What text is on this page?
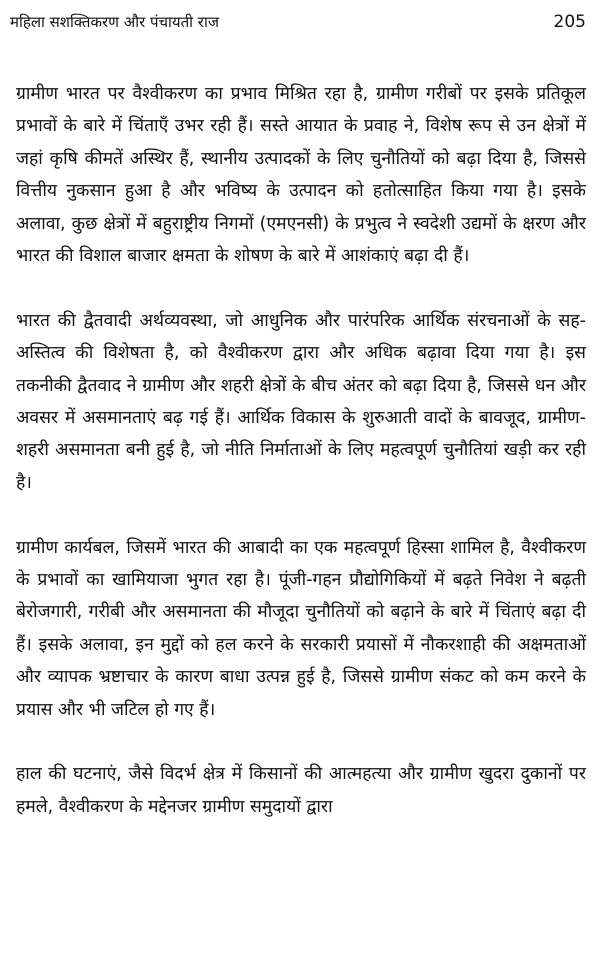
महिला सशक्तिकरण और पंचायती राज	205

ग्रामीण भारत पर वैश्वीकरण का प्रभाव मिश्रित रहा है, ग्रामीण गरीबों पर इसके प्रतिकूल प्रभावों के बारे में चिंताएँ उभर रही हैं। सस्ते आयात के प्रवाह ने, विशेष रूप से उन क्षेत्रों में जहां कृषि कीमतें अस्थिर हैं, स्थानीय उत्पादकों के लिए चुनौतियों को बढ़ा दिया है, जिससे वित्तीय नुकसान हुआ है और भविष्य के उत्पादन को हतोत्साहित किया गया है। इसके अलावा, कुछ क्षेत्रों में बहुराष्ट्रीय निगमों (एमएनसी) के प्रभुत्व ने स्वदेशी उद्यमों के क्षरण और भारत की विशाल बाजार क्षमता के शोषण के बारे में आशंकाएं बढ़ा दी हैं।

भारत की द्वैतवादी अर्थव्यवस्था, जो आधुनिक और पारंपरिक आर्थिक संरचनाओं के सह-अस्तित्व की विशेषता है, को वैश्वीकरण द्वारा और अधिक बढ़ावा दिया गया है। इस तकनीकी द्वैतवाद ने ग्रामीण और शहरी क्षेत्रों के बीच अंतर को बढ़ा दिया है, जिससे धन और अवसर में असमानताएं बढ़ गई हैं। आर्थिक विकास के शुरुआती वादों के बावजूद, ग्रामीण-शहरी असमानता बनी हुई है, जो नीति निर्माताओं के लिए महत्वपूर्ण चुनौतियां खड़ी कर रही है।

ग्रामीण कार्यबल, जिसमें भारत की आबादी का एक महत्वपूर्ण हिस्सा शामिल है, वैश्वीकरण के प्रभावों का खामियाजा भुगत रहा है। पूंजी-गहन प्रौद्योगिकियों में बढ़ते निवेश ने बढ़ती बेरोजगारी, गरीबी और असमानता की मौजूदा चुनौतियों को बढ़ाने के बारे में चिंताएं बढ़ा दी हैं। इसके अलावा, इन मुद्दों को हल करने के सरकारी प्रयासों में नौकरशाही की अक्षमताओं और व्यापक भ्रष्टाचार के कारण बाधा उत्पन्न हुई है, जिससे ग्रामीण संकट को कम करने के प्रयास और भी जटिल हो गए हैं।

हाल की घटनाएं, जैसे विदर्भ क्षेत्र में किसानों की आत्महत्या और ग्रामीण खुदरा दुकानों पर हमले, वैश्वीकरण के मद्देनजर ग्रामीण समुदायों द्वारा
